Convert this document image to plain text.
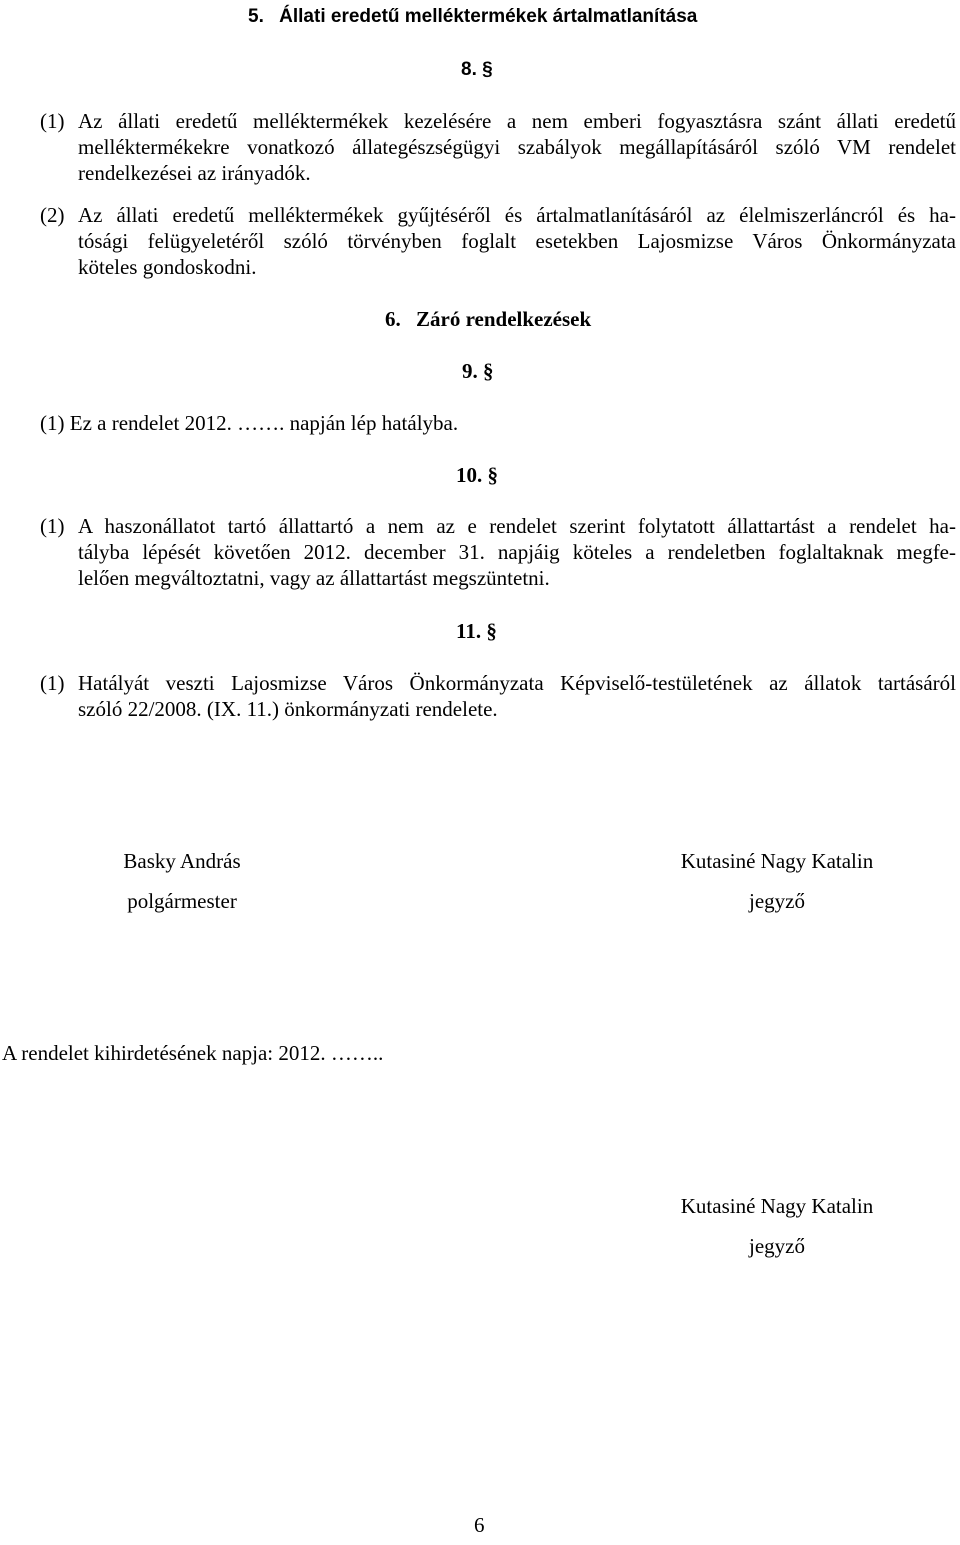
5. Állati eredetű melléktermékek ártalmatlanítása
8. §
(1) Az állati eredetű melléktermékek kezelésére a nem emberi fogyasztásra szánt állati eredetű
melléktermékekre vonatkozó állategészségügyi szabályok megállapításáról szóló VM rendelet
rendelkezései az irányadók.
(2) Az állati eredetű melléktermékek gyűjtéséről és ártalmatlanításáról az élelmiszerláncról és ha-
tósági felügyeletéről szóló törvényben foglalt esetekben Lajosmizse Város Önkormányzata
köteles gondoskodni.
6. Záró rendelkezések
9. §
(1) Ez a rendelet 2012. ……. napján lép hatályba.
10. §
(1) A haszonállatot tartó állattartó a nem az e rendelet szerint folytatott állattartást a rendelet ha-
tályba lépését követően 2012. december 31. napjáig köteles a rendeletben foglaltaknak megfe-
lelően megváltoztatni, vagy az állattartást megszüntetni.
11. §
(1) Hatályát veszti Lajosmizse Város Önkormányzata Képviselő-testületének az állatok tartásáról
szóló 22/2008. (IX. 11.) önkormányzati rendelete.
Basky András
polgármester
Kutasiné Nagy Katalin
jegyző
A rendelet kihirdetésének napja: 2012. ……..
Kutasiné Nagy Katalin
jegyző
6
